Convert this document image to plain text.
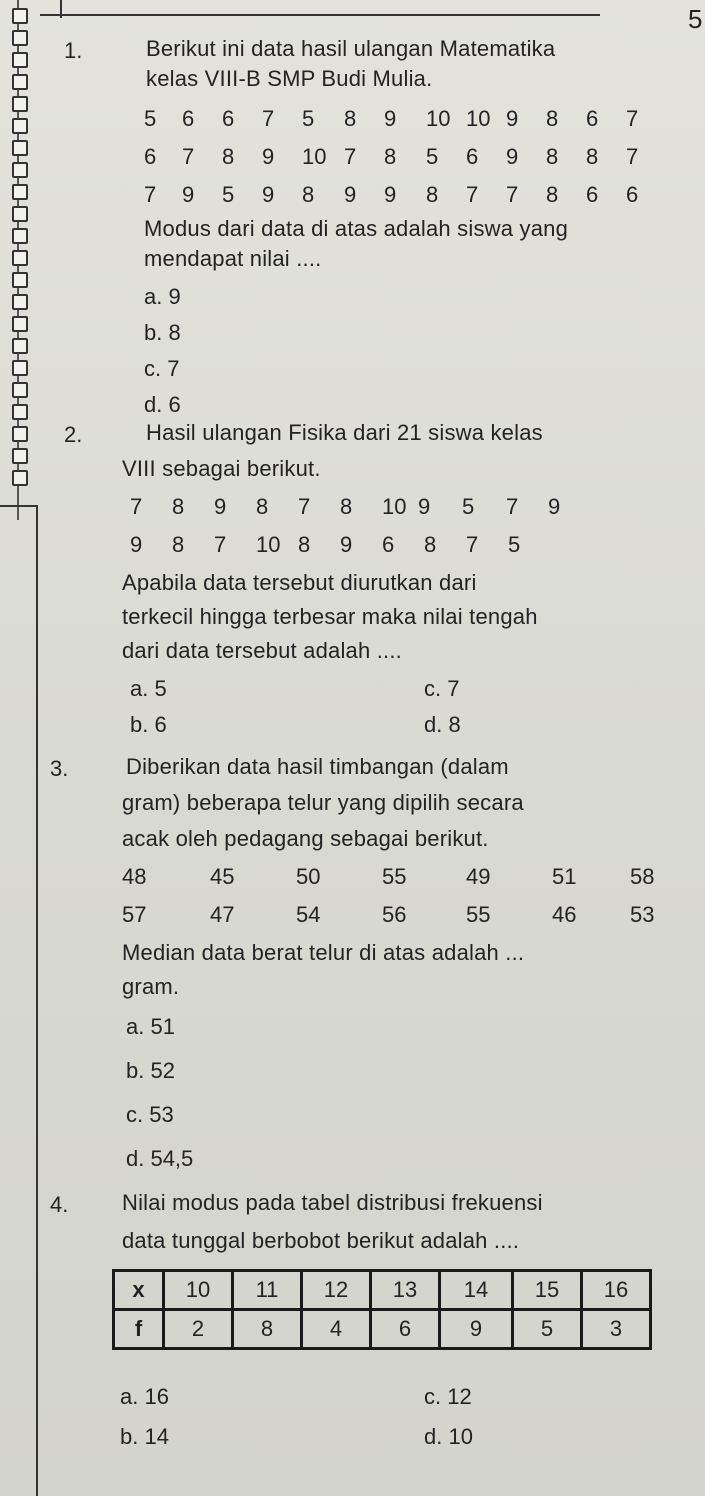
5
1.	Berikut ini data hasil ulangan Matematika
kelas VIII-B SMP Budi Mulia.
5 6 6 7 5 8 9 10 10 9 8 6 7
6 7 8 9 10 7 8 5 6 9 8 8 7
7 9 5 9 8 9 9 8 7 7 8 6 6
Modus dari data di atas adalah siswa yang
mendapat nilai ....
a. 9
b. 8
c. 7
d. 6
2.	Hasil ulangan Fisika dari 21 siswa kelas
VIII sebagai berikut.
7 8 9 8 7 8 10 9 5 7 9
9 8 7 10 8 9 6 8 7 5
Apabila data tersebut diurutkan dari
terkecil hingga terbesar maka nilai tengah
dari data tersebut adalah ....
a. 5	c. 7
b. 6	d. 8
3.	Diberikan data hasil timbangan (dalam
gram) beberapa telur yang dipilih secara
acak oleh pedagang sebagai berikut.
48	45	50	55	49	51 58
57	47	54	56	55	46 53
Median data berat telur di atas adalah ...
gram.
a. 51
b. 52
c. 53
d. 54,5
4. Nilai modus pada tabel distribusi frekuensi
data tunggal berbobot berikut adalah ....
x	10	11	12	13	14	15	16
f	2	8	4	6	9	5	3
a. 16	c. 12
b. 14	d. 10
